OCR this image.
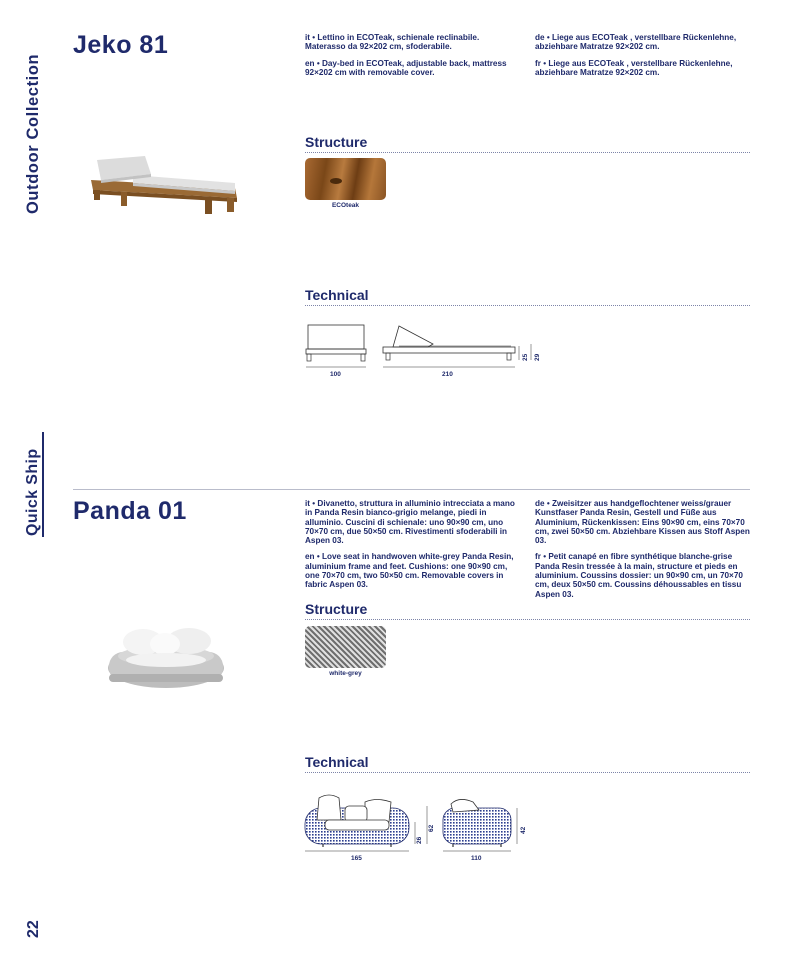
Outdoor Collection
Quick Ship
22
Jeko 81	it • Lettino in ECOTeak, schienale reclinabile. Materasso da 92×202 cm, sfoderabile.

en • Day-bed in ECOTeak, adjustable back, mattress 92×202 cm with removable cover.

de • Liege aus ECOTeak , verstellbare Rückenlehne, abziehbare Matratze 92×202 cm.

fr • Liege aus ECOTeak , verstellbare Rückenlehne, abziehbare Matratze 92×202 cm.

Structure
ECOteak
Technical
100	210
25 29
Panda 01	it • Divanetto, struttura in alluminio intrecciata a mano in Panda Resin bianco-grigio melange, piedi in alluminio. Cuscini di schienale: uno 90×90 cm, uno 70×70 cm, due 50×50 cm. Rivestimenti sfoderabili in Aspen 03.

en • Love seat in handwoven white-grey Panda Resin, aluminium frame and feet. Cushions: one 90×90 cm, one 70×70 cm, two 50×50 cm. Removable covers in fabric Aspen 03.

de • Zweisitzer aus handgeflochtener weiss/grauer Kunstfaser Panda Resin, Gestell und Füße aus Aluminium, Rückenkissen: Eins 90×90 cm, eins 70×70 cm, zwei 50×50 cm. Abziehbare Kissen aus Stoff Aspen 03.

fr • Petit canapé en fibre synthétique blanche-grise Panda Resin tressée à la main, structure et pieds en aluminium. Coussins dossier: un 90×90 cm, un 70×70 cm, deux 50×50 cm. Coussins déhoussables en tissu Aspen 03.

Structure
white-grey
Technical
165
26
62
110
42
